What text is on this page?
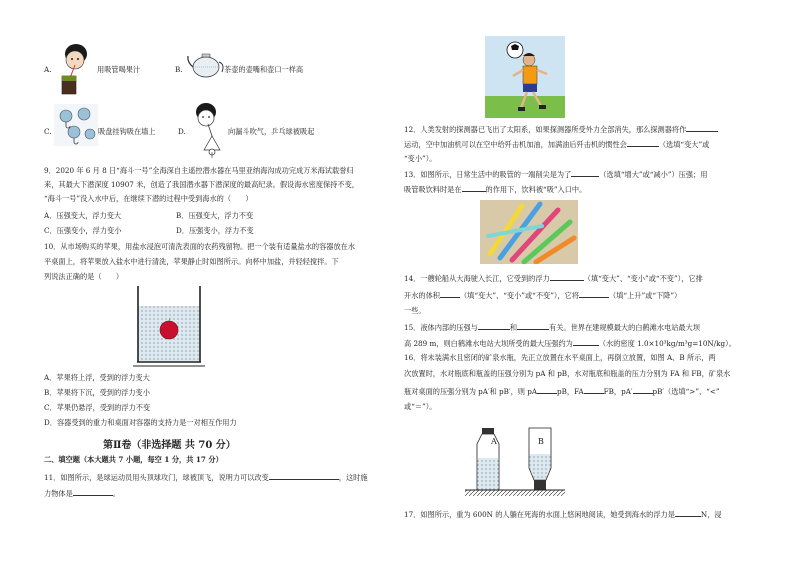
A.	用吸管喝果汁	B.	茶壶的壶嘴和壶口一样高
C.	吸盘挂钩吸在墙上	D.	向漏斗吹气，乒乓球被吸起
9．2020 年 6 月 8 日“海斗一号”全海深自主遥控潜水器在马里亚纳海沟成功完成万米海试载誉归
来，其最大下潜深度 10907 米，创造了我国潜水器下潜深度的最高纪录。假设海水密度保持不变，
“海斗一号”没入水中后，在继续下潜的过程中受到海水的（　　）
A．压强变大，浮力变大	B．压强变大，浮力不变
C．压强变小，浮力变小	D．压强变小，浮力不变
10．从市场购买的苹果，用盐水浸泡可清洗表面的农药残留物。把一个装有适量盐水的容器放在水
平桌面上，将苹果放入盐水中进行清洗，苹果静止时如图所示。向杯中加盐，并轻轻搅拌。下
列说法正确的是（　　）
A．苹果将上浮，受到的浮力变大
B．苹果将下沉，受到的浮力变小
C．苹果仍悬浮，受到的浮力不变
D．容器受到的重力和桌面对容器的支持力是一对相互作用力
第Ⅱ卷（非选择题 共 70 分）
二、填空题（本大题共 7 小题，每空 1 分，共 17 分）
11．如图所示，是球运动员用头顶球攻门，球被顶飞，说明力可以改变	，这时施
力物体是	。
12．人类发射的探测器已飞出了太阳系，如果探测器所受外力全部消失，那么探测器将作
运动，空中加油机可以在空中给歼击机加油，加满油后歼击机的惯性会	（选填“变大”或
“变小”）。
13．如图所示，日常生活中的吸管的一端削尖是为了	（选填“增大”或“减小”）压强；用
吸管吸饮料时是在	的作用下，饮料被“吸”入口中。
14．一艘轮船从大海驶入长江，它受到的浮力	（填“变大”、“变小”或“不变”），它排
开水的体积	（填“变大”、“变小”或“不变”），它将	（填“上升”或“下降”）
一些。
15．液体内部的压强与	和	有关。世界在建规模最大的白鹤滩水电站最大坝
高 289 m，则白鹤滩水电站大坝所受的最大压强约为	（水的密度 1.0×10³kg/m³g=10N/kg）。
16．将未装满水且密闭的矿泉水瓶，先正立放置在水平桌面上，再倒立放置，如图 A、B 所示，两
次放置时，水对瓶底和瓶盖的压强分别为 pA 和 pB，水对瓶底和瓶盖的压力分别为 FA 和 FB，矿泉水
瓶对桌面的压强分别为 pA′和 pB′，则 pA	pB，FA	FB，pA′	pB′（选填“>”、“<”
或“＝”）。
A	B
17．如图所示，重为 600N 的人躺在死海的水面上悠闲地阅读，她受到海水的浮力是	N，浸
